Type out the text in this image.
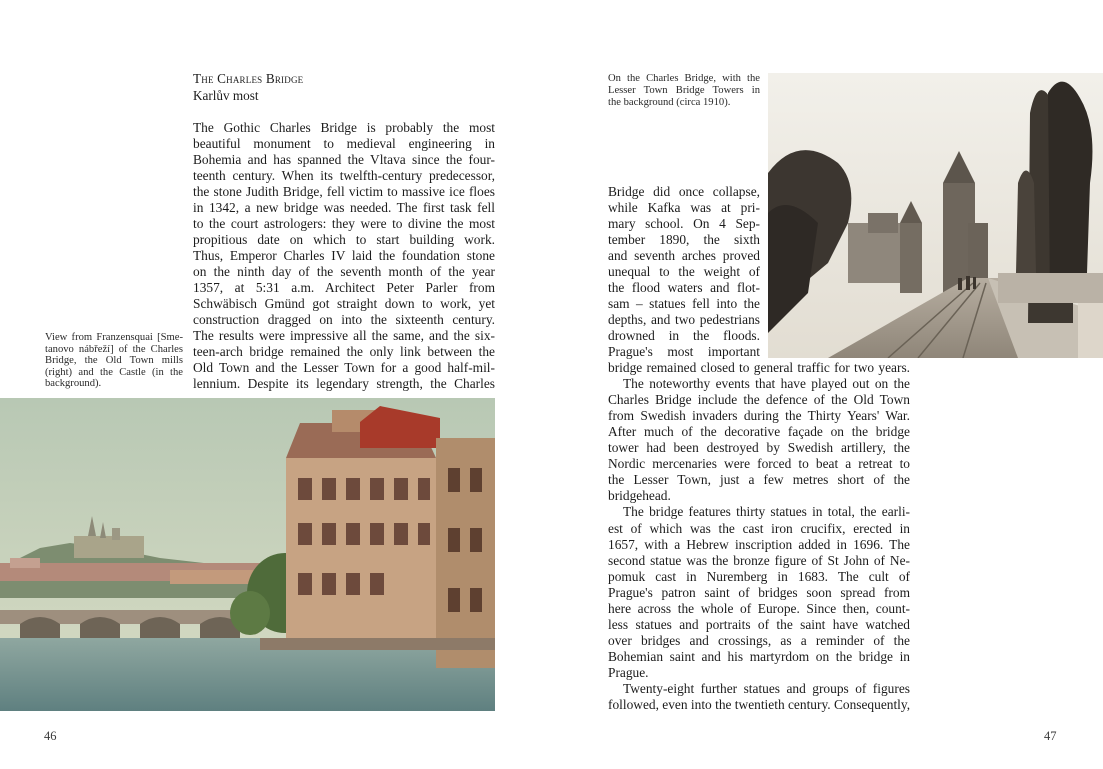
The Charles Bridge
Karlův most
The Gothic Charles Bridge is probably the most
beautiful monument to medieval engineering in
Bohemia and has spanned the Vltava since the four-
teenth century. When its twelfth-century predecessor,
the stone Judith Bridge, fell victim to massive ice floes
in 1342, a new bridge was needed. The first task fell
to the court astrologers: they were to divine the most
propitious date on which to start building work.
Thus, Emperor Charles IV laid the foundation stone
on the ninth day of the seventh month of the year
1357, at 5:31 a.m. Architect Peter Parler from
Schwäbisch Gmünd got straight down to work, yet
construction dragged on into the sixteenth century.
The results were impressive all the same, and the six-
teen-arch bridge remained the only link between the
Old Town and the Lesser Town for a good half-mil-
lennium. Despite its legendary strength, the Charles
View from Franzensquai [Sme-
tanovo nábřeží] of the Charles
Bridge, the Old Town mills
(right) and the Castle (in the
background).
46
On the Charles Bridge, with the
Lesser Town Bridge Towers in
the background (circa 1910).
Bridge did once collapse,
while Kafka was at pri-
mary school. On 4 Sep-
tember 1890, the sixth
and seventh arches proved
unequal to the weight of
the flood waters and flot-
sam – statues fell into the
depths, and two pedestrians
drowned in the floods.
Prague's most important
bridge remained closed to general traffic for two years.
The noteworthy events that have played out on the
Charles Bridge include the defence of the Old Town
from Swedish invaders during the Thirty Years' War.
After much of the decorative façade on the bridge
tower had been destroyed by Swedish artillery, the
Nordic mercenaries were forced to beat a retreat to
the Lesser Town, just a few metres short of the
bridgehead.
The bridge features thirty statues in total, the earli-
est of which was the cast iron crucifix, erected in
1657, with a Hebrew inscription added in 1696. The
second statue was the bronze figure of St John of Ne-
pomuk cast in Nuremberg in 1683. The cult of
Prague's patron saint of bridges soon spread from
here across the whole of Europe. Since then, count-
less statues and portraits of the saint have watched
over bridges and crossings, as a reminder of the
Bohemian saint and his martyrdom on the bridge in
Prague.
Twenty-eight further statues and groups of figures
followed, even into the twentieth century. Consequently,
47
